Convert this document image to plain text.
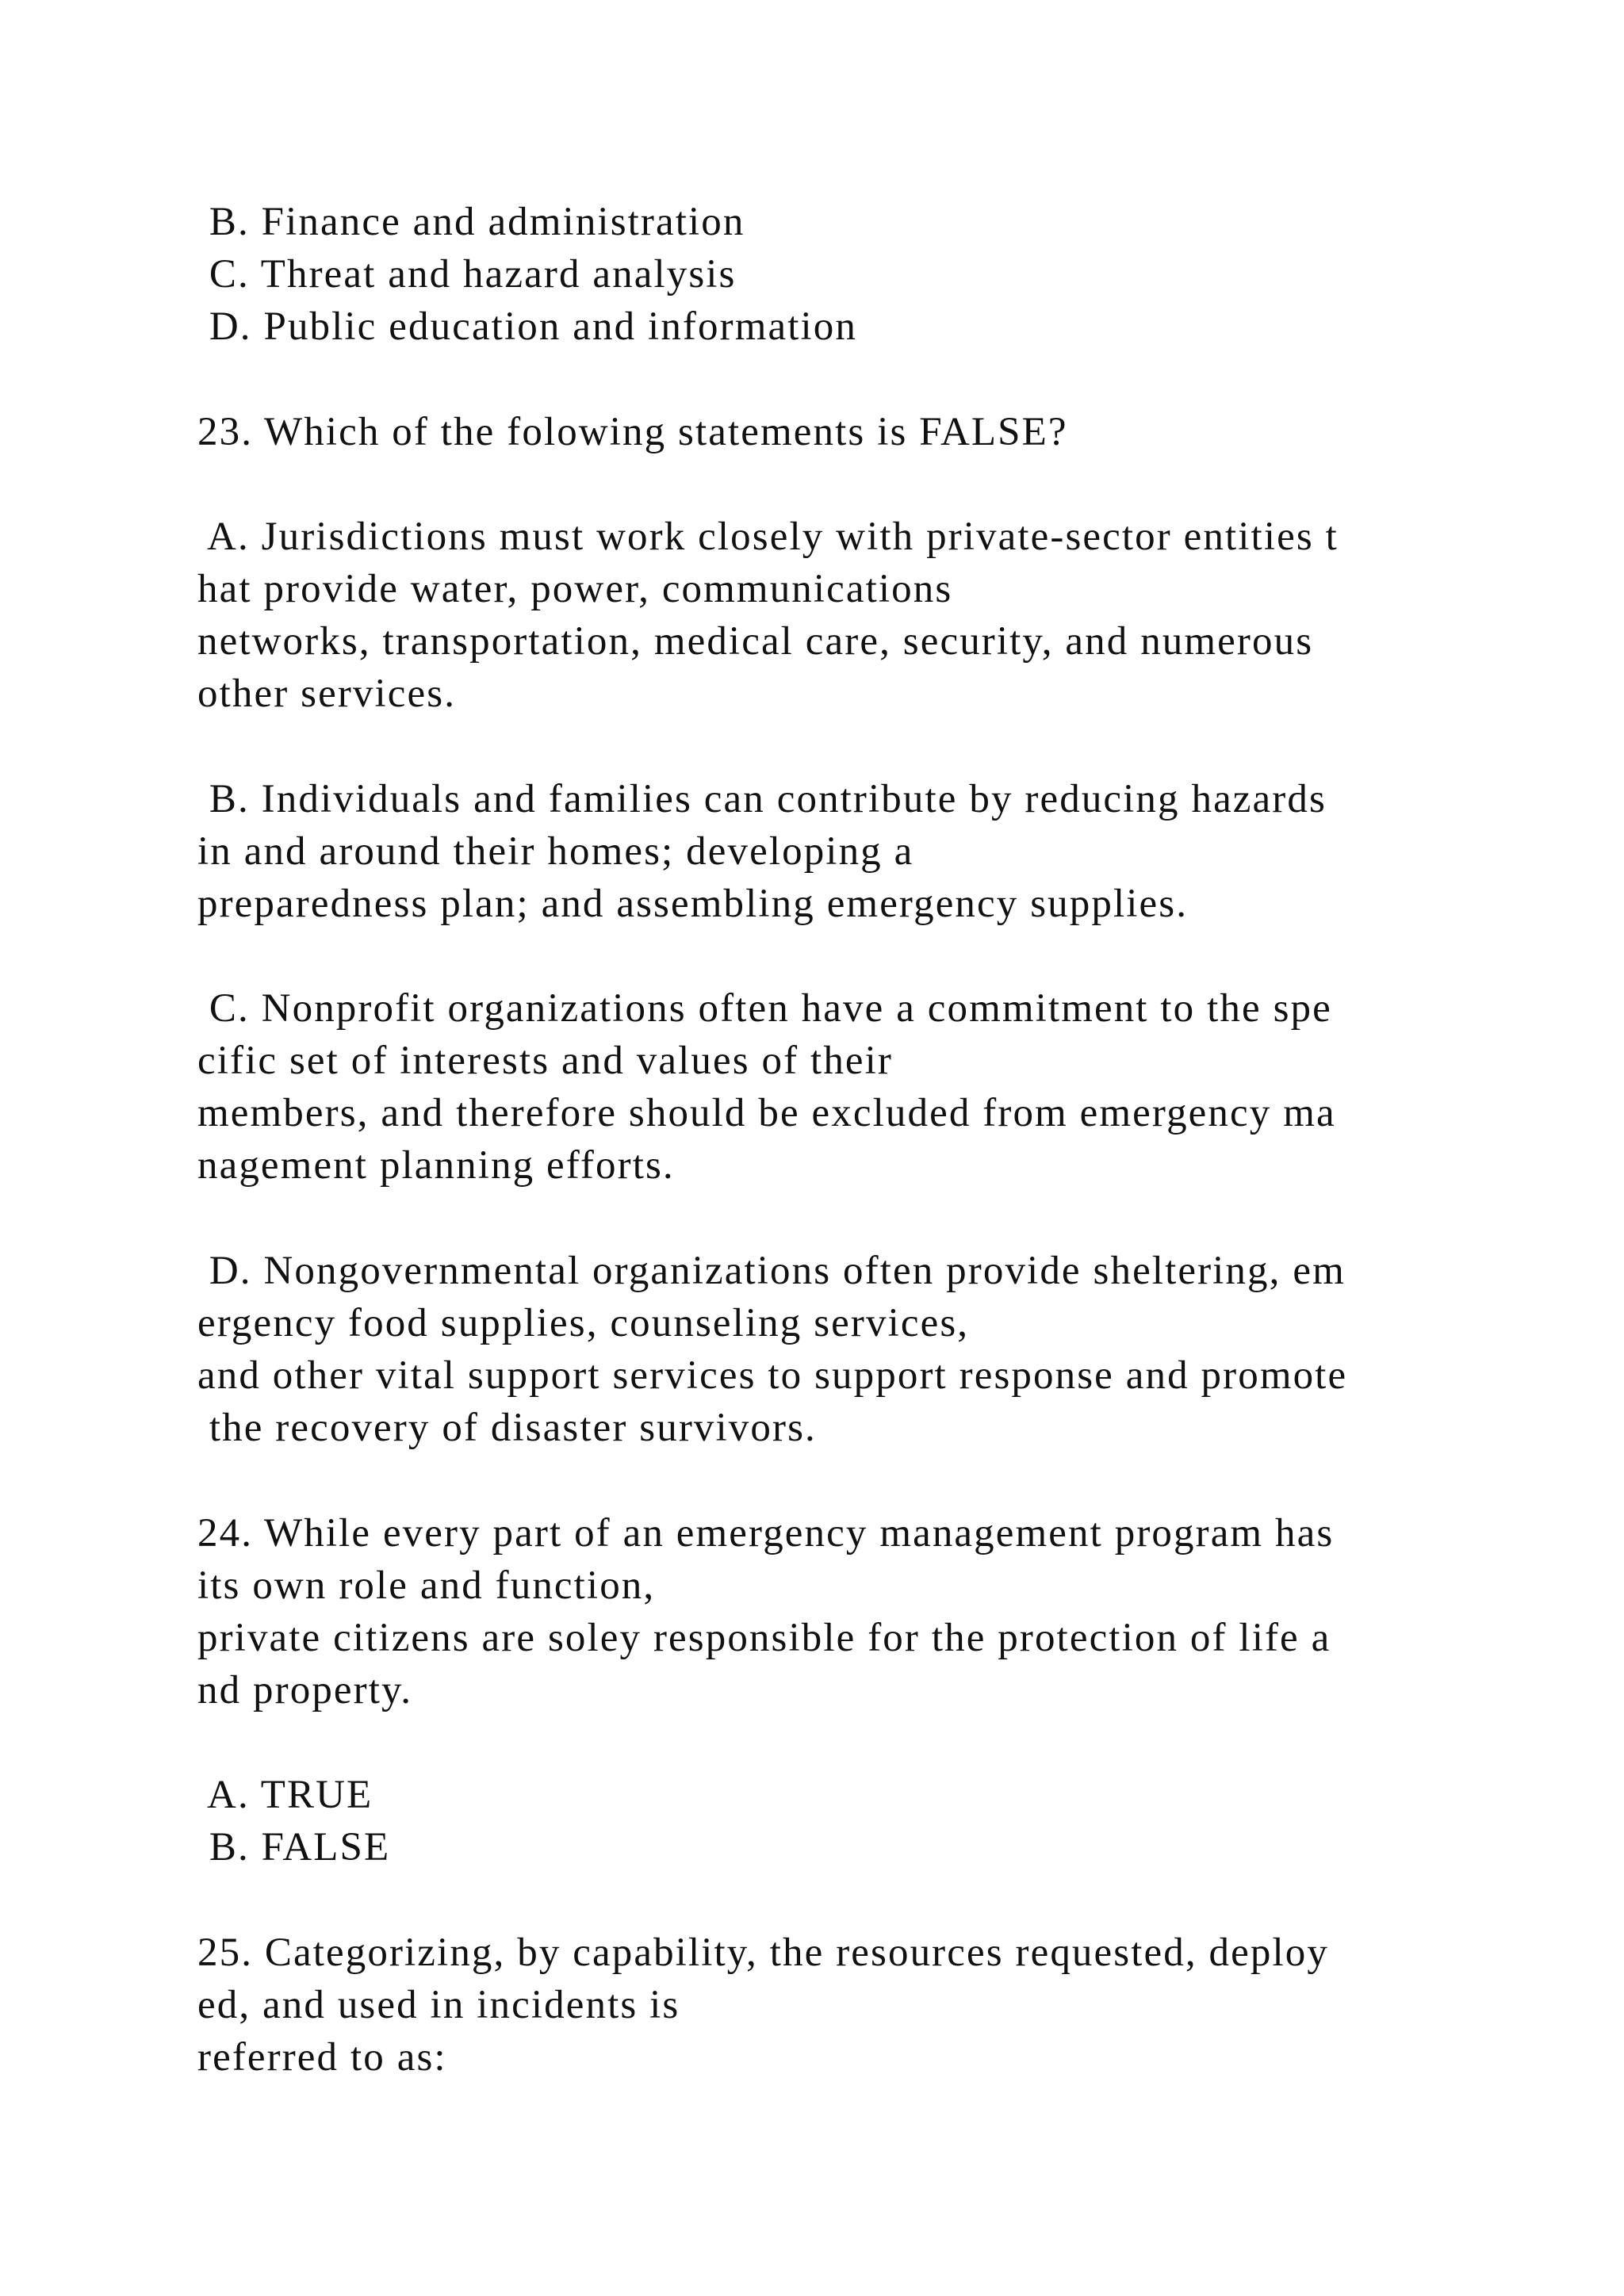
B. Finance and administration

C. Threat and hazard analysis

D. Public education and information

23. Which of the folowing statements is FALSE?

A. Jurisdictions must work closely with private-sector entities t

hat provide water, power, communications

networks, transportation, medical care, security, and numerous

other services.

B. Individuals and families can contribute by reducing hazards

in and around their homes; developing a

preparedness plan; and assembling emergency supplies.

C. Nonprofit organizations often have a commitment to the spe

cific set of interests and values of their

members, and therefore should be excluded from emergency ma

nagement planning efforts.

D. Nongovernmental organizations often provide sheltering, em

ergency food supplies, counseling services,

and other vital support services to support response and promote

the recovery of disaster survivors.

24. While every part of an emergency management program has

its own role and function,

private citizens are soley responsible for the protection of life a

nd property.

A. TRUE

B. FALSE

25. Categorizing, by capability, the resources requested, deploy

ed, and used in incidents is

referred to as:
